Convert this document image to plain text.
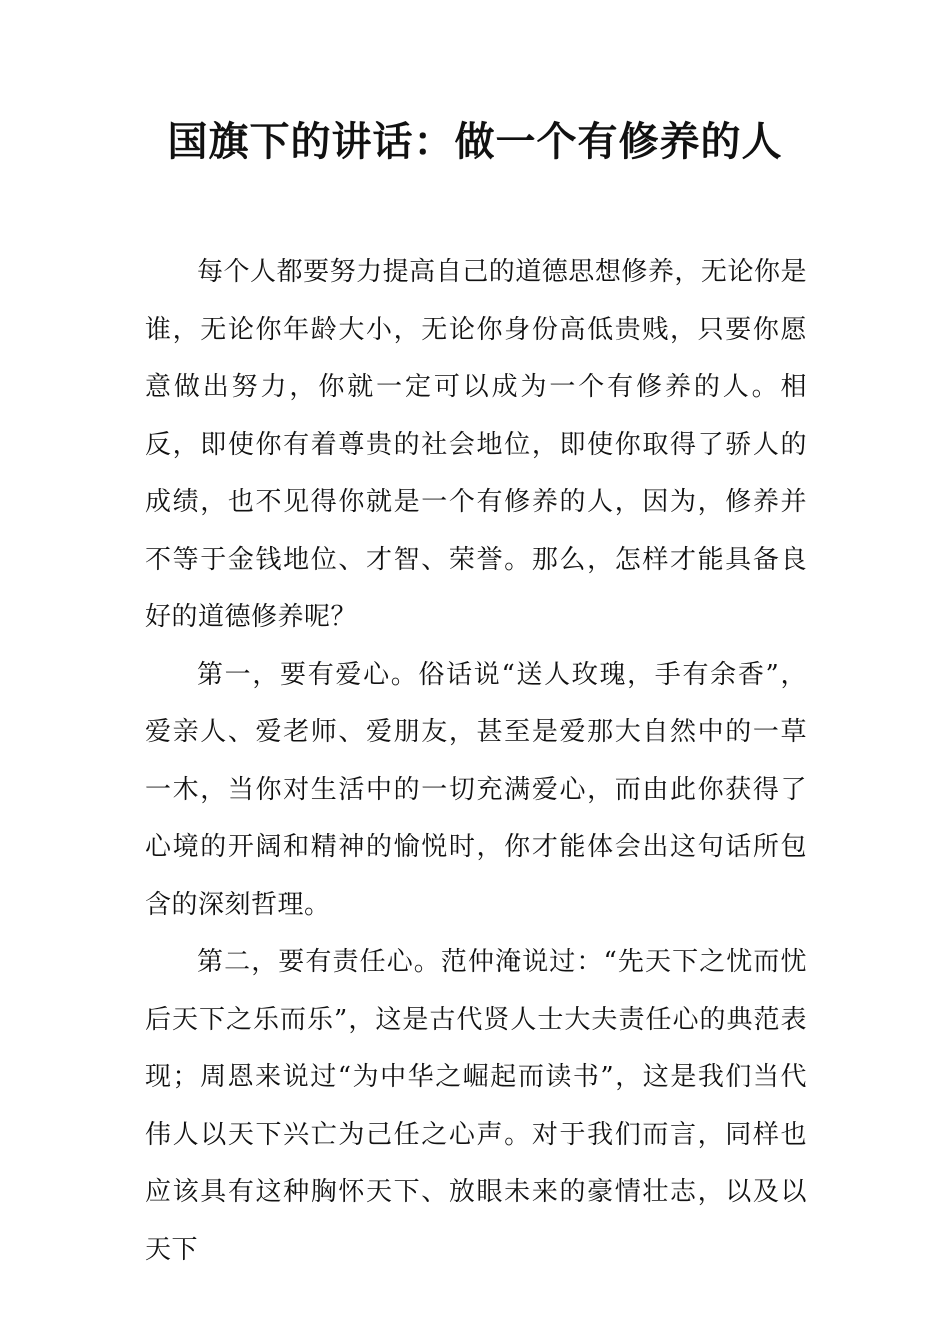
国旗下的讲话：做一个有修养的人

每个人都要努力提高自己的道德思想修养，无论你是谁，无论你年龄大小，无论你身份高低贵贱，只要你愿意做出努力，你就一定可以成为一个有修养的人。相反，即使你有着尊贵的社会地位，即使你取得了骄人的成绩，也不见得你就是一个有修养的人，因为，修养并不等于金钱地位、才智、荣誉。那么，怎样才能具备良好的道德修养呢？

第一，要有爱心。俗话说“送人玫瑰，手有余香”，爱亲人、爱老师、爱朋友，甚至是爱那大自然中的一草一木，当你对生活中的一切充满爱心，而由此你获得了心境的开阔和精神的愉悦时，你才能体会出这句话所包含的深刻哲理。

第二，要有责任心。范仲淹说过：“先天下之忧而忧后天下之乐而乐”，这是古代贤人士大夫责任心的典范表现；周恩来说过“为中华之崛起而读书”，这是我们当代伟人以天下兴亡为己任之心声。对于我们而言，同样也应该具有这种胸怀天下、放眼未来的豪情壮志，以及以天下
